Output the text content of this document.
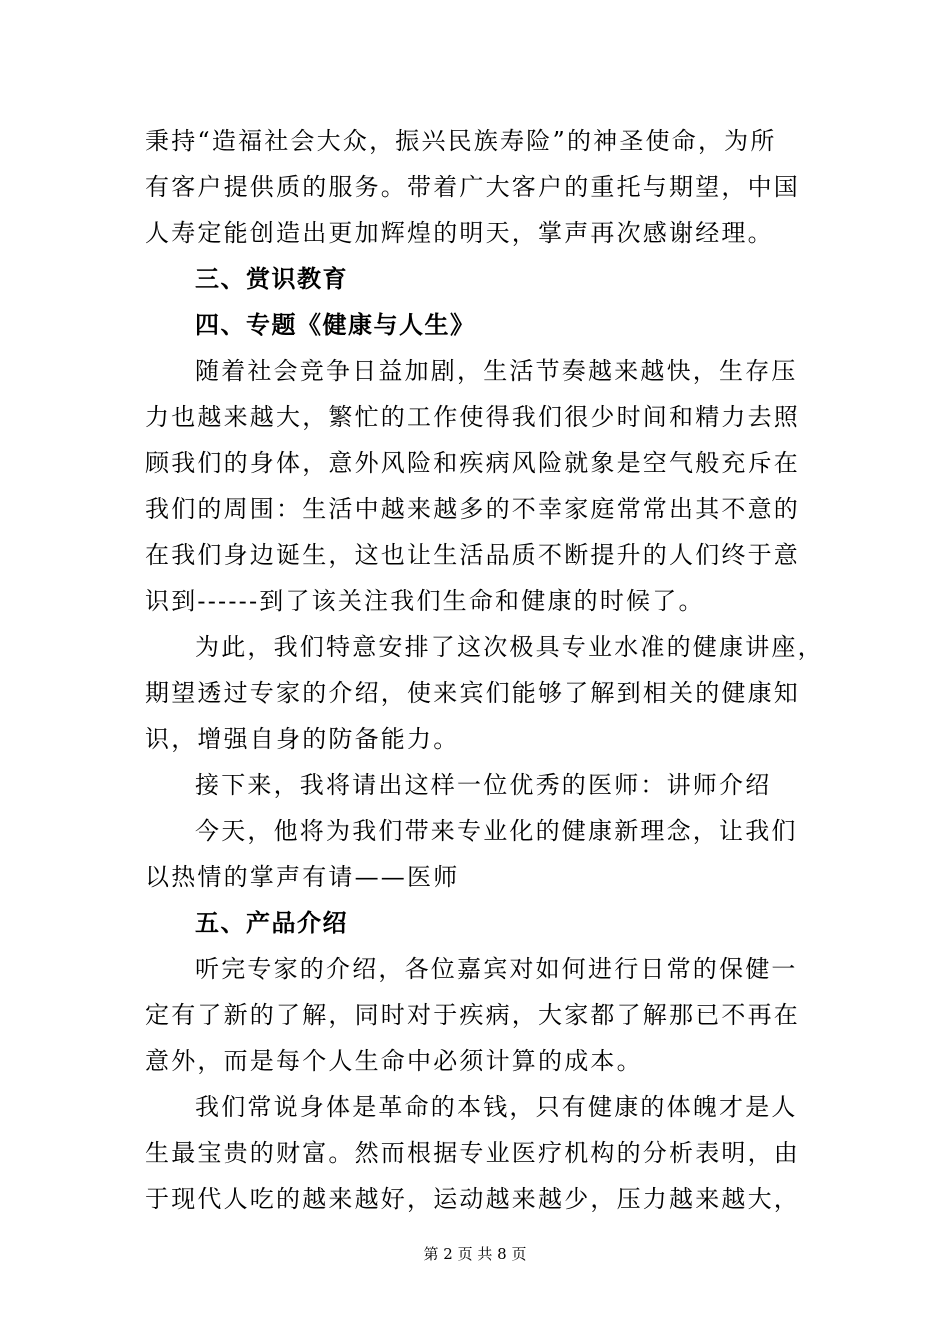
秉持“造福社会大众，振兴民族寿险”的神圣使命，为所
有客户提供质的服务。带着广大客户的重托与期望，中国
人寿定能创造出更加辉煌的明天，掌声再次感谢经理。
三、赏识教育
四、专题《健康与人生》
随着社会竞争日益加剧，生活节奏越来越快，生存压
力也越来越大，繁忙的工作使得我们很少时间和精力去照
顾我们的身体，意外风险和疾病风险就象是空气般充斥在
我们的周围：生活中越来越多的不幸家庭常常出其不意的
在我们身边诞生，这也让生活品质不断提升的人们终于意
识到------到了该关注我们生命和健康的时候了。
为此，我们特意安排了这次极具专业水准的健康讲座，
期望透过专家的介绍，使来宾们能够了解到相关的健康知
识，增强自身的防备能力。
接下来，我将请出这样一位优秀的医师：讲师介绍
今天，他将为我们带来专业化的健康新理念，让我们
以热情的掌声有请——医师
五、产品介绍
听完专家的介绍，各位嘉宾对如何进行日常的保健一
定有了新的了解，同时对于疾病，大家都了解那已不再在
意外，而是每个人生命中必须计算的成本。
我们常说身体是革命的本钱，只有健康的体魄才是人
生最宝贵的财富。然而根据专业医疗机构的分析表明，由
于现代人吃的越来越好，运动越来越少，压力越来越大，
第 2 页 共 8 页
